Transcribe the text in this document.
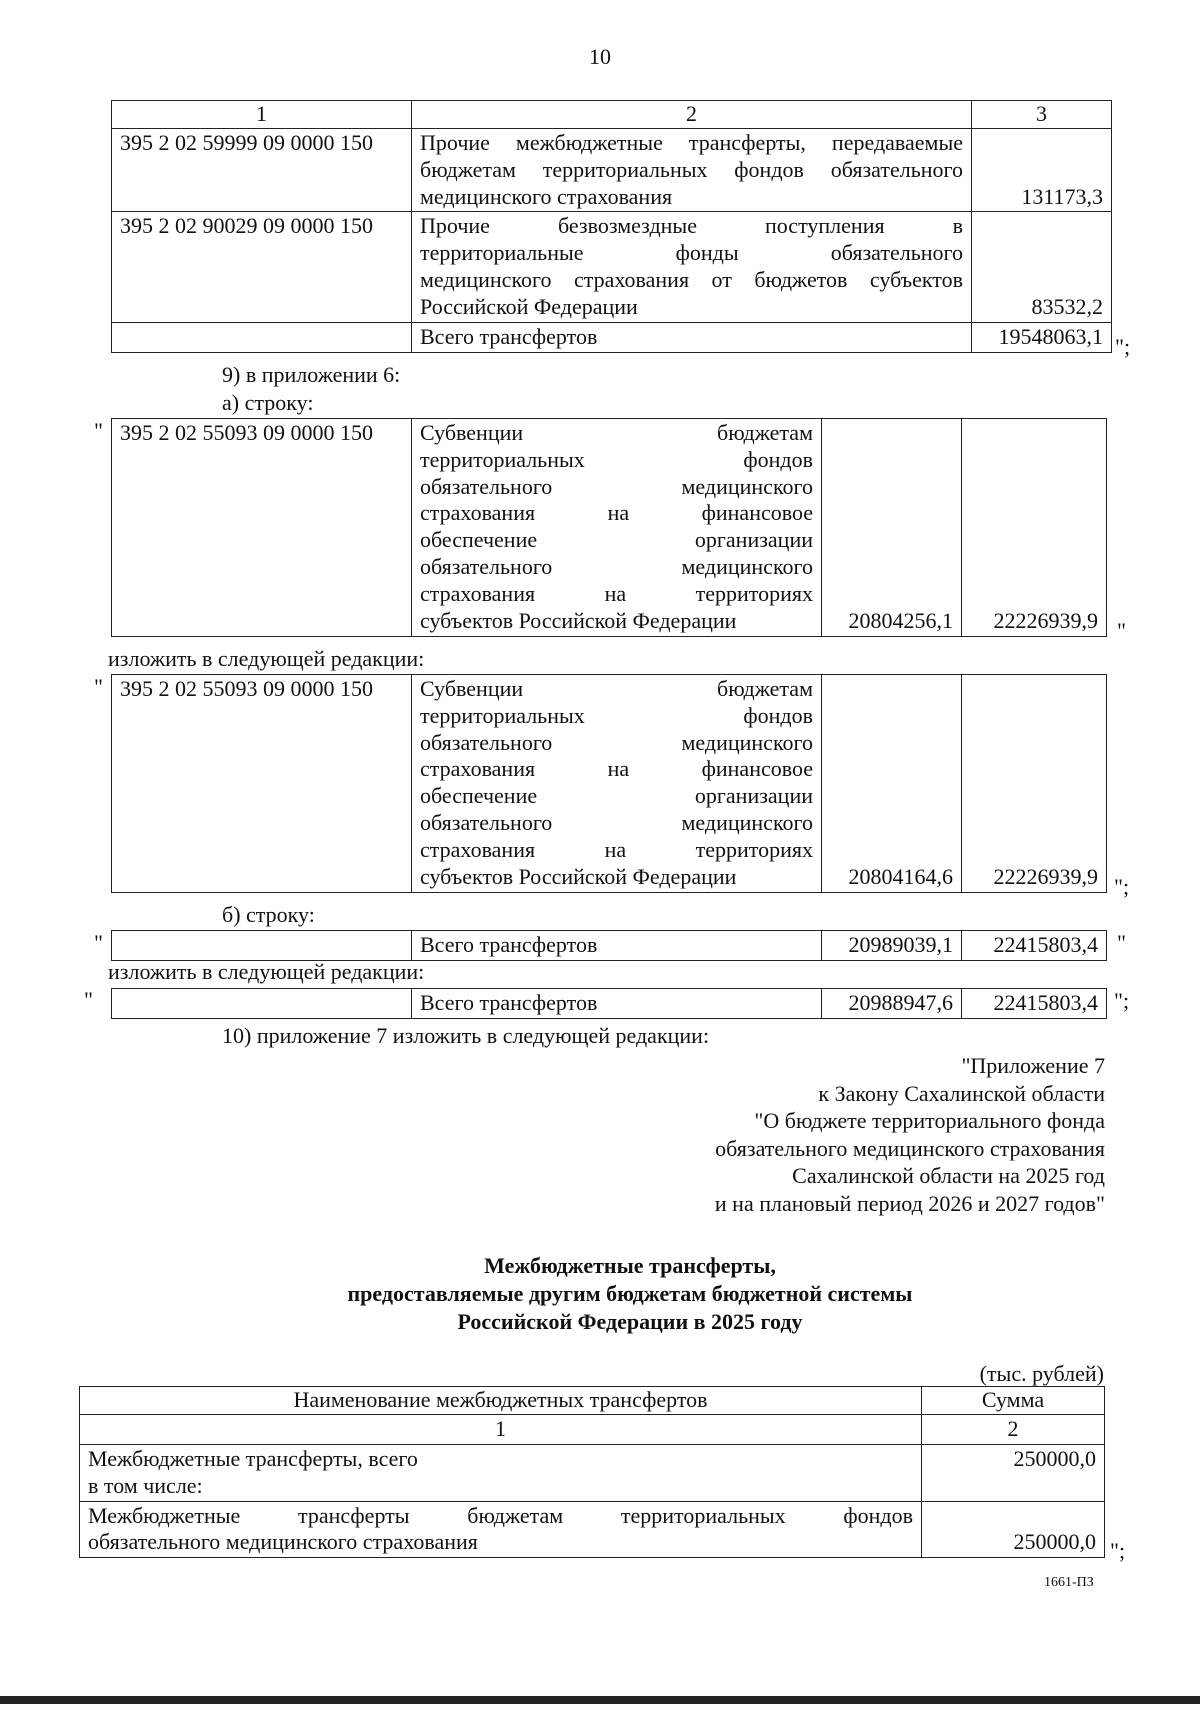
10
1	2	3
395 2 02 59999 09 0000 150	Прочие межбюджетные трансферты, передаваемые
бюджетам территориальных фондов обязательного
медицинского страхования	131173,3
395 2 02 90029 09 0000 150	Прочие безвозмездные поступления в
территориальные фонды обязательного
медицинского страхования от бюджетов субъектов
Российской Федерации	83532,2
	Всего трансфертов	19548063,1 ";
9) в приложении 6:
а) строку:
" 395 2 02 55093 09 0000 150	Субвенции бюджетам
территориальных фондов
обязательного медицинского
страхования на финансовое
обеспечение организации
обязательного медицинского
страхования на территориях
субъектов Российской Федерации	20804256,1	22226939,9 "
изложить в следующей редакции:
" 395 2 02 55093 09 0000 150	Субвенции бюджетам
территориальных фондов
обязательного медицинского
страхования на финансовое
обеспечение организации
обязательного медицинского
страхования на территориях
субъектов Российской Федерации	20804164,6	22226939,9 ";
б) строку:
"
		Всего трансфертов	20989039,1	22415803,4 "
изложить в следующей редакции:
"
		Всего трансфертов	20988947,6	22415803,4 ";
10) приложение 7 изложить в следующей редакции:
"Приложение 7
к Закону Сахалинской области
"О бюджете территориального фонда
обязательного медицинского страхования
Сахалинской области на 2025 год
и на плановый период 2026 и 2027 годов"
Межбюджетные трансферты,
предоставляемые другим бюджетам бюджетной системы
Российской Федерации в 2025 году
(тыс. рублей)
Наименование межбюджетных трансфертов	Сумма
1	2

Межбюджетные трансферты, всего
в том числе:	250000,0

Межбюджетные трансферты бюджетам территориальных фондов
обязательного медицинского страхования	250000,0 ";
1661-ПЗ
